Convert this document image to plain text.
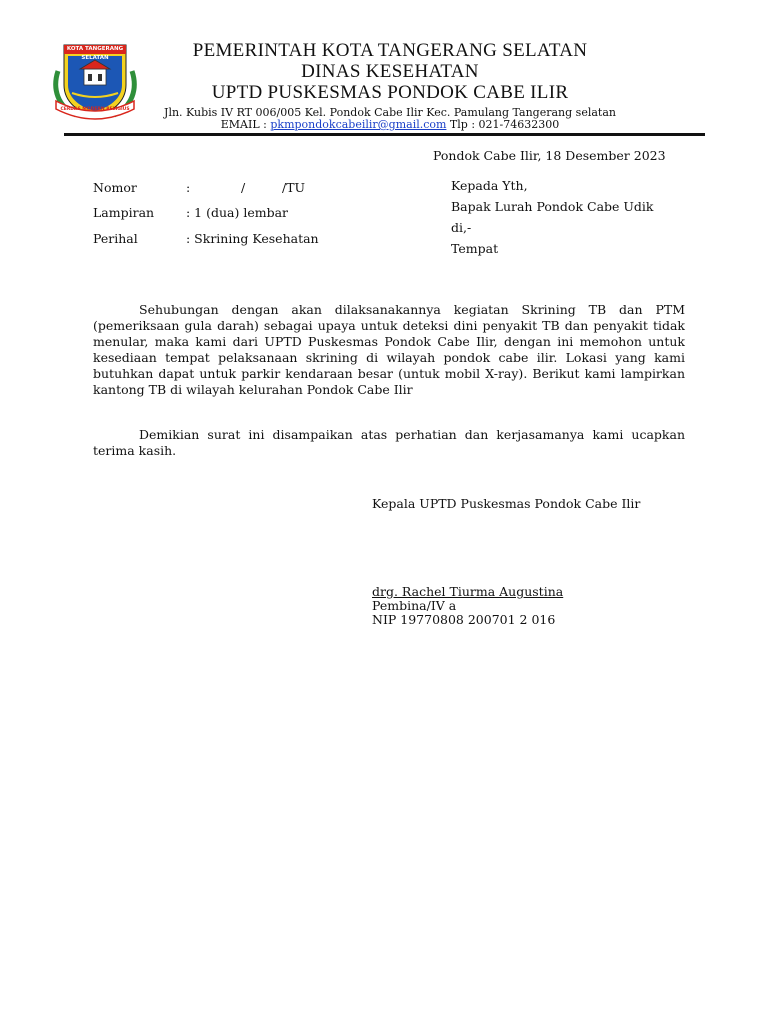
KOTA TANGERANG SELATAN
CERDAS MODERN RELIGIUS
PEMERINTAH KOTA TANGERANG SELATAN
DINAS KESEHATAN
UPTD PUSKESMAS PONDOK CABE ILIR
Jln. Kubis IV RT 006/005 Kel. Pondok Cabe Ilir Kec. Pamulang Tangerang selatan
EMAIL : pkmpondokcabeilir@gmail.com Tlp : 021-74632300
Pondok Cabe Ilir, 18 Desember 2023
Nomor	:	/	/TU
Lampiran	: 1 (dua) lembar
Perihal	: Skrining Kesehatan
Kepada Yth,
Bapak Lurah Pondok Cabe Udik
di,-
Tempat
Sehubungan dengan akan dilaksanakannya kegiatan Skrining TB dan PTM (pemeriksaan gula darah) sebagai upaya untuk deteksi dini penyakit TB dan penyakit tidak menular, maka kami dari UPTD Puskesmas Pondok Cabe Ilir, dengan ini memohon untuk kesediaan tempat pelaksanaan skrining di wilayah pondok cabe ilir. Lokasi yang kami butuhkan dapat untuk parkir kendaraan besar (untuk mobil X-ray). Berikut kami lampirkan kantong TB di wilayah kelurahan Pondok Cabe Ilir
Demikian surat ini disampaikan atas perhatian dan kerjasamanya kami ucapkan terima kasih.
Kepala UPTD Puskesmas Pondok Cabe Ilir
drg. Rachel Tiurma Augustina
Pembina/IV a
NIP 19770808 200701 2 016
